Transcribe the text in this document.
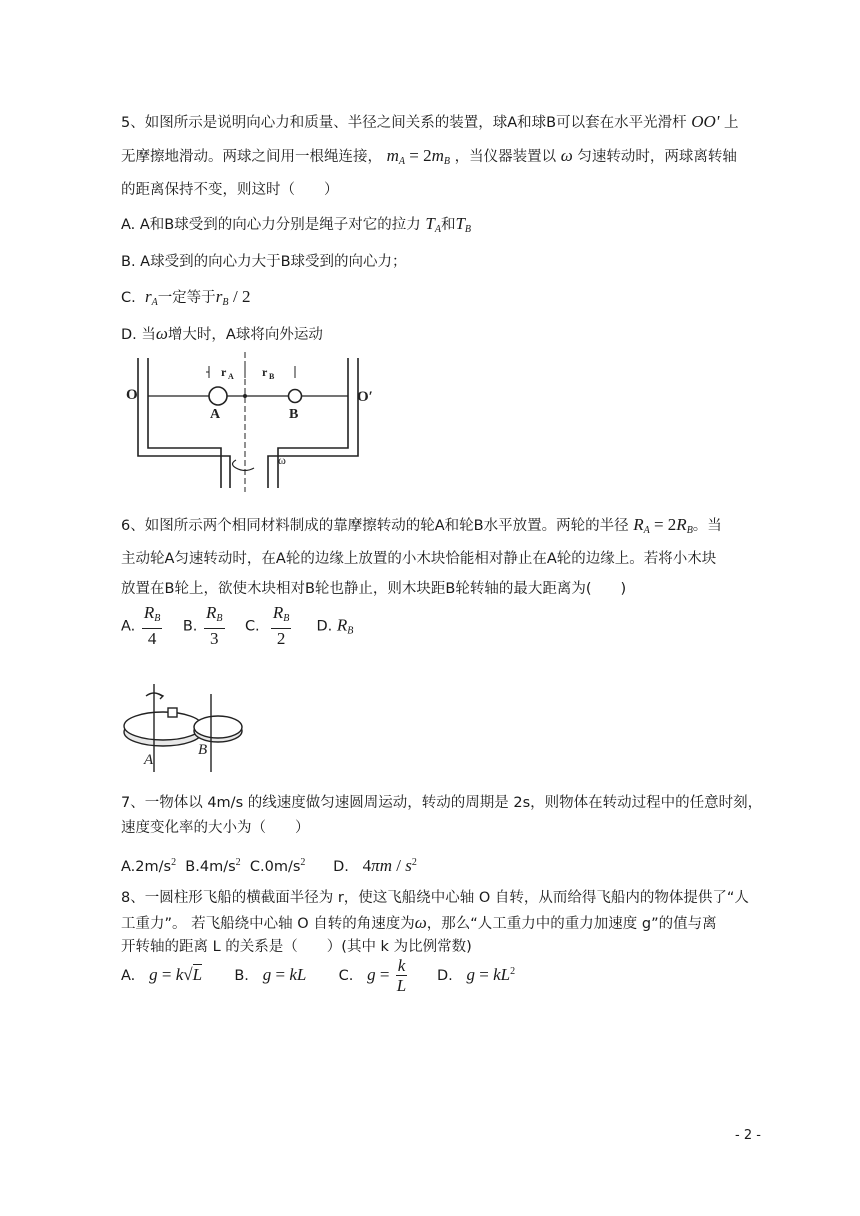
5、如图所示是说明向心力和质量、半径之间关系的装置，球A和球B可以套在水平光滑杆 OO' 上
无摩擦地滑动。两球之间用一根绳连接， $m_A = 2m_B$ ，当仪器装置以 ω 匀速转动时，两球离转轴
的距离保持不变，则这时（　　）
A. A和B球受到的向心力分别是绳子对它的拉力 $T_A$和$T_B$
B. A球受到的向心力大于B球受到的向心力；
C. $r_A$一定等于$r_B / 2$
D. 当ω增大时，A球将向外运动
O	O′
A	B
r A r B
ω
6、如图所示两个相同材料制成的靠摩擦转动的轮A和轮B水平放置。两轮的半径 $R_A = 2R_B$。当
主动轮A匀速转动时，在A轮的边缘上放置的小木块恰能相对静止在A轮的边缘上。若将小木块
放置在B轮上，欲使木块相对B轮也静止，则木块距B轮转轴的最大距离为(　　)
A. $\frac{R_B}{4} B$. $\frac{R_B}{3} C$. $\frac{R_B}{2} D$. $R_B$
A
B
7、一物体以 4m/s 的线速度做匀速圆周运动，转动的周期是 2s，则物体在转动过程中的任意时刻，
速度变化率的大小为（　　）
$A.2m/s^2$ $B.4m/s^2$ $C.0m/s^2$ D. $4\pi m / s^2$
8、一圆柱形飞船的横截面半径为 r，使这飞船绕中心轴 O 自转，从而给得飞船内的物体提供了“人
工重力”。 若飞船绕中心轴 O 自转的角速度为ω，那么“人工重力中的重力加速度 g”的值与离
开转轴的距离 L 的关系是（　　）(其中 k 为比例常数)
A. g = k√L B. g = kL C. $g = \frac{k}{L} D$. $g = kL^2$
- 2 -
